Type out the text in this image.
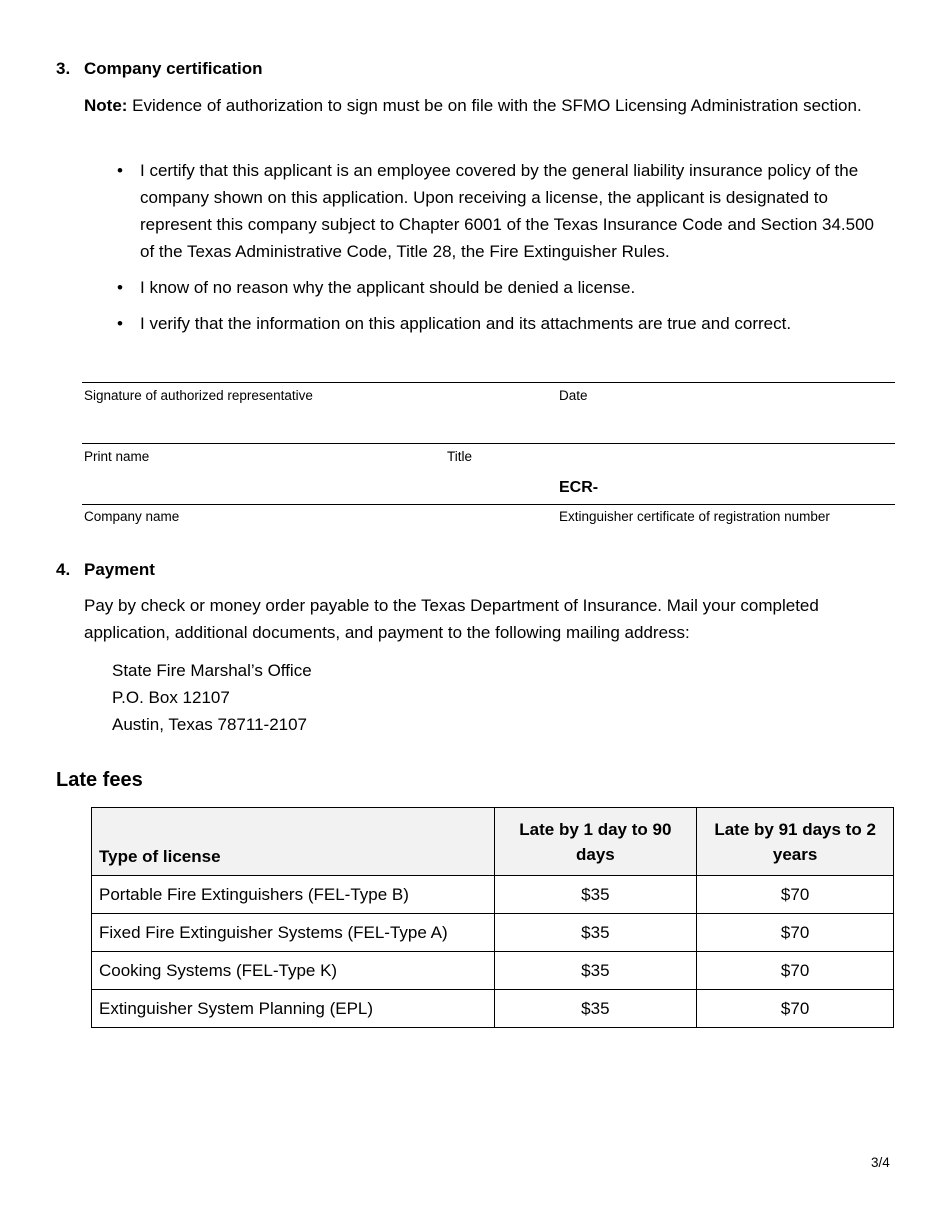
3. Company certification
Note: Evidence of authorization to sign must be on file with the SFMO Licensing Administration section.
• I certify that this applicant is an employee covered by the general liability insurance policy of the company shown on this application. Upon receiving a license, the applicant is designated to represent this company subject to Chapter 6001 of the Texas Insurance Code and Section 34.500 of the Texas Administrative Code, Title 28, the Fire Extinguisher Rules.
• I know of no reason why the applicant should be denied a license.
• I verify that the information on this application and its attachments are true and correct.
Signature of authorized representative	Date
Print name	Title
ECR-
Company name	Extinguisher certificate of registration number
4. Payment
Pay by check or money order payable to the Texas Department of Insurance. Mail your completed application, additional documents, and payment to the following mailing address:
State Fire Marshal’s Office
P.O. Box 12107
Austin, Texas 78711-2107
Late fees
Type of license	Late by 1 day to 90 days	Late by 91 days to 2 years
Portable Fire Extinguishers (FEL-Type B)	$35	$70
Fixed Fire Extinguisher Systems (FEL-Type A)	$35	$70
Cooking Systems (FEL-Type K)	$35	$70
Extinguisher System Planning (EPL)	$35	$70
3/4
